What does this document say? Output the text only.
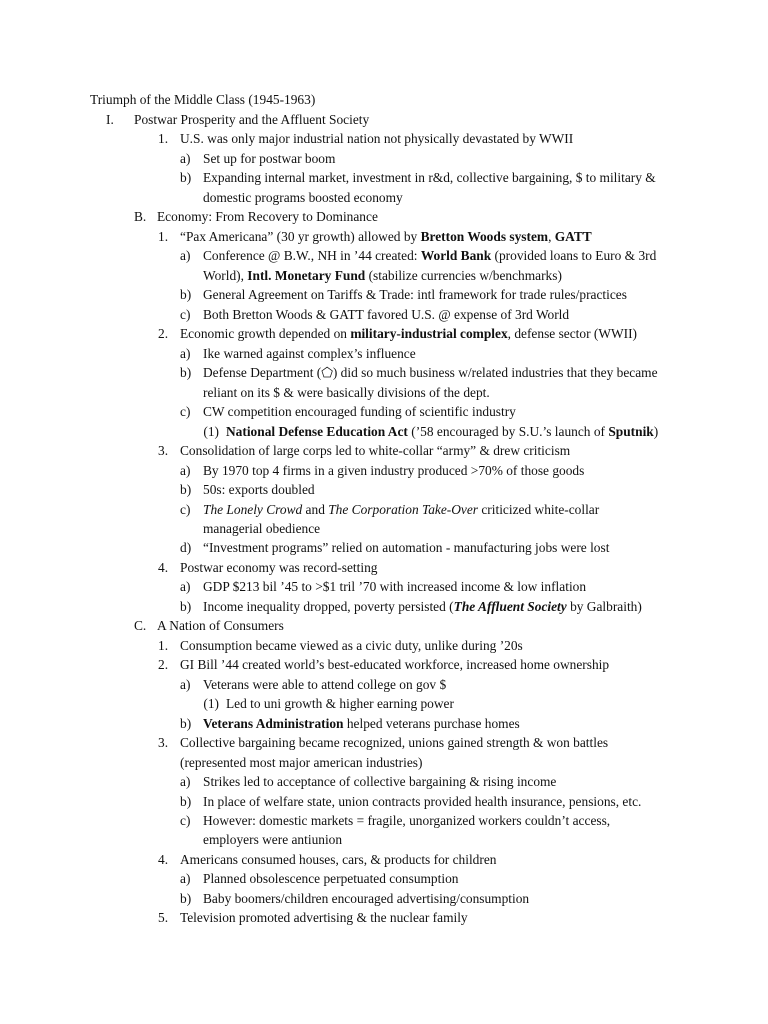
Triumph of the Middle Class (1945-1963)
I. Postwar Prosperity and the Affluent Society
1. U.S. was only major industrial nation not physically devastated by WWII
a) Set up for postwar boom
b) Expanding internal market, investment in r&d, collective bargaining, $ to military &
domestic programs boosted economy
B. Economy: From Recovery to Dominance
1. “Pax Americana” (30 yr growth) allowed by Bretton Woods system, GATT
a) Conference @ B.W., NH in ’44 created: World Bank (provided loans to Euro & 3rd
World), Intl. Monetary Fund (stabilize currencies w/benchmarks)
b) General Agreement on Tariffs & Trade: intl framework for trade rules/practices
c) Both Bretton Woods & GATT favored U.S. @ expense of 3rd World
2. Economic growth depended on military-industrial complex, defense sector (WWII)
a) Ike warned against complex’s influence
b) Defense Department (⬠) did so much business w/related industries that they became
reliant on its $ & were basically divisions of the dept.
c) CW competition encouraged funding of scientific industry
(1) National Defense Education Act (’58 encouraged by S.U.’s launch of Sputnik)
3. Consolidation of large corps led to white-collar “army” & drew criticism
a) By 1970 top 4 firms in a given industry produced >70% of those goods
b) 50s: exports doubled
c) The Lonely Crowd and The Corporation Take-Over criticized white-collar
managerial obedience
d) “Investment programs” relied on automation - manufacturing jobs were lost
4. Postwar economy was record-setting
a) GDP $213 bil ’45 to >$1 tril ’70 with increased income & low inflation
b) Income inequality dropped, poverty persisted (The Affluent Society by Galbraith)
C. A Nation of Consumers
1. Consumption became viewed as a civic duty, unlike during ’20s
2. GI Bill ’44 created world’s best-educated workforce, increased home ownership
a) Veterans were able to attend college on gov $
(1) Led to uni growth & higher earning power
b) Veterans Administration helped veterans purchase homes
3. Collective bargaining became recognized, unions gained strength & won battles
(represented most major american industries)
a) Strikes led to acceptance of collective bargaining & rising income
b) In place of welfare state, union contracts provided health insurance, pensions, etc.
c) However: domestic markets = fragile, unorganized workers couldn’t access,
employers were antiunion
4. Americans consumed houses, cars, & products for children
a) Planned obsolescence perpetuated consumption
b) Baby boomers/children encouraged advertising/consumption
5. Television promoted advertising & the nuclear family
